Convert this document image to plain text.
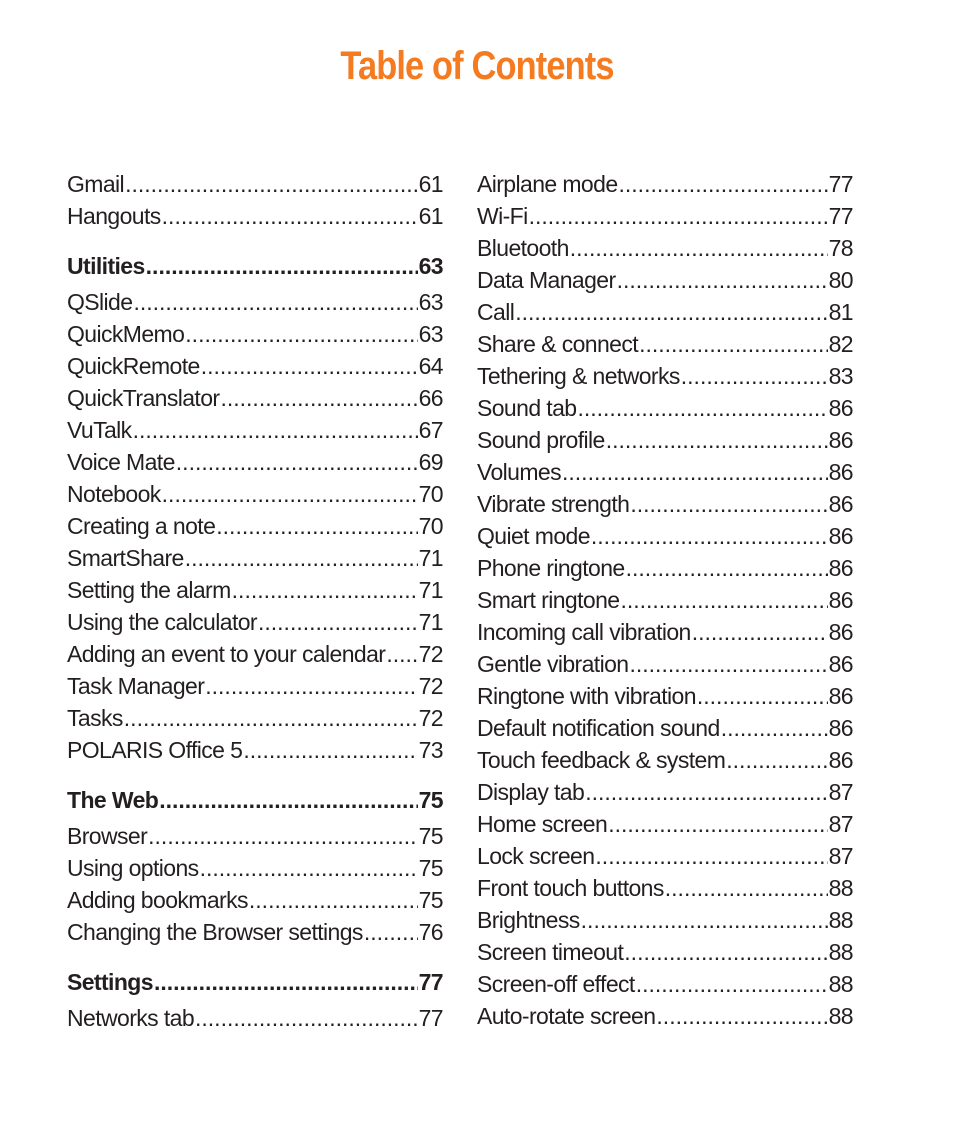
Table of Contents
Gmail .....	61
Hangouts .....	61
Utilities .....	63
QSlide .....	63
QuickMemo .....	63
QuickRemote .....	64
QuickTranslator .....	66
VuTalk .....	67
Voice Mate .....	69
Notebook .....	70
Creating a note .....	70
SmartShare .....	71
Setting the alarm .....	71
Using the calculator .....	71
Adding an event to your calendar ..... 72
Task Manager .....	72
Tasks .....	72
POLARIS Office 5 .....	73
The Web .....	75
Browser .....	75
Using options .....	75
Adding bookmarks .....	75
Changing the Browser settings ..... 76
Settings .....	77
Networks tab .....	77
Airplane mode .....	77
Wi-Fi .....	77
Bluetooth .....	78
Data Manager .....	80
Call .....	81
Share & connect .....	82
Tethering & networks .....	83
Sound tab .....	86
Sound profile .....	86
Volumes .....	86
Vibrate strength .....	86
Quiet mode .....	86
Phone ringtone .....	86
Smart ringtone .....	86
Incoming call vibration .....	86
Gentle vibration .....	86
Ringtone with vibration .....	86
Default notification sound .....	86
Touch feedback & system .....	86
Display tab .....	87
Home screen .....	87
Lock screen .....	87
Front touch buttons .....	88
Brightness .....	88
Screen timeout .....	88
Screen-off effect .....	88
Auto-rotate screen .....	88
